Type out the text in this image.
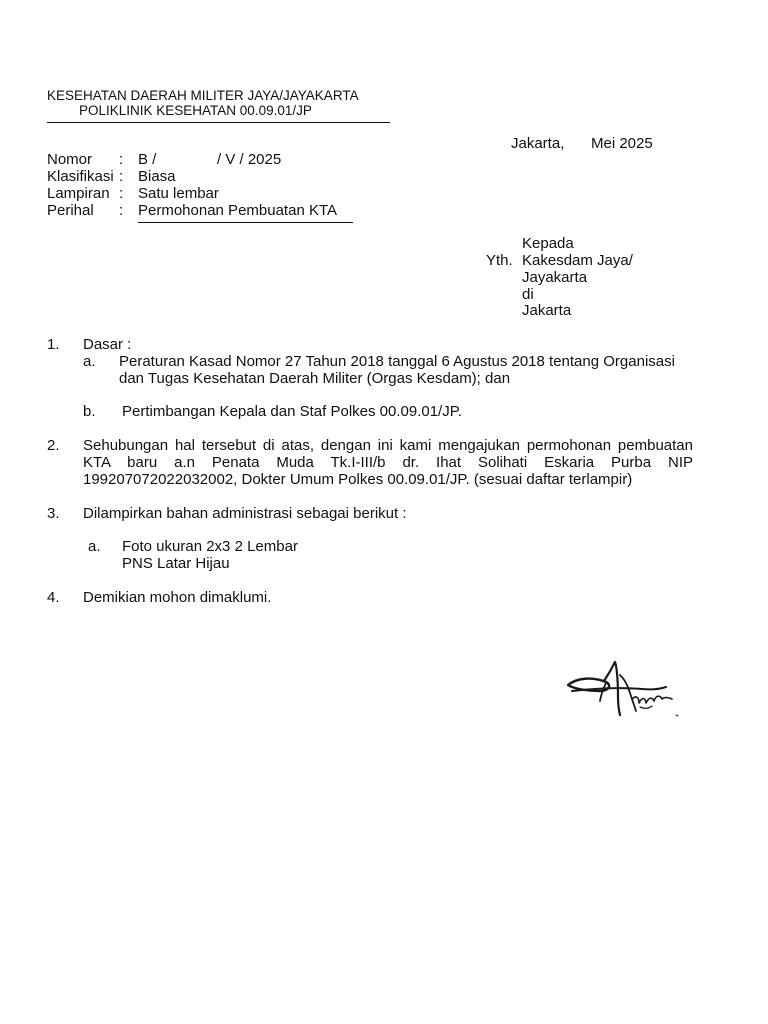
KESEHATAN DAERAH MILITER JAYA/JAYAKARTA
POLIKLINIK KESEHATAN 00.09.01/JP
Jakarta, Mei 2025
Nomor : B /	/ V / 2025
Klasifikasi : Biasa
Lampiran : Satu lembar
Perihal : Permohonan Pembuatan KTA
Yth.
Kepada
Kakesdam Jaya/
Jayakarta
di
Jakarta
1. Dasar :
a. Peraturan Kasad Nomor 27 Tahun 2018 tanggal 6 Agustus 2018 tentang Organisasi
dan Tugas Kesehatan Daerah Militer (Orgas Kesdam); dan
b. Pertimbangan Kepala dan Staf Polkes 00.09.01/JP.
2. Sehubungan hal tersebut di atas, dengan ini kami mengajukan permohonan pembuatan
KTA baru a.n Penata Muda Tk.I-III/b dr. Ihat Solihati Eskaria Purba NIP
199207072022032002, Dokter Umum Polkes 00.09.01/JP. (sesuai daftar terlampir)
3. Dilampirkan bahan administrasi sebagai berikut :
a. Foto ukuran 2x3 2 Lembar
PNS Latar Hijau
4. Demikian mohon dimaklumi.
